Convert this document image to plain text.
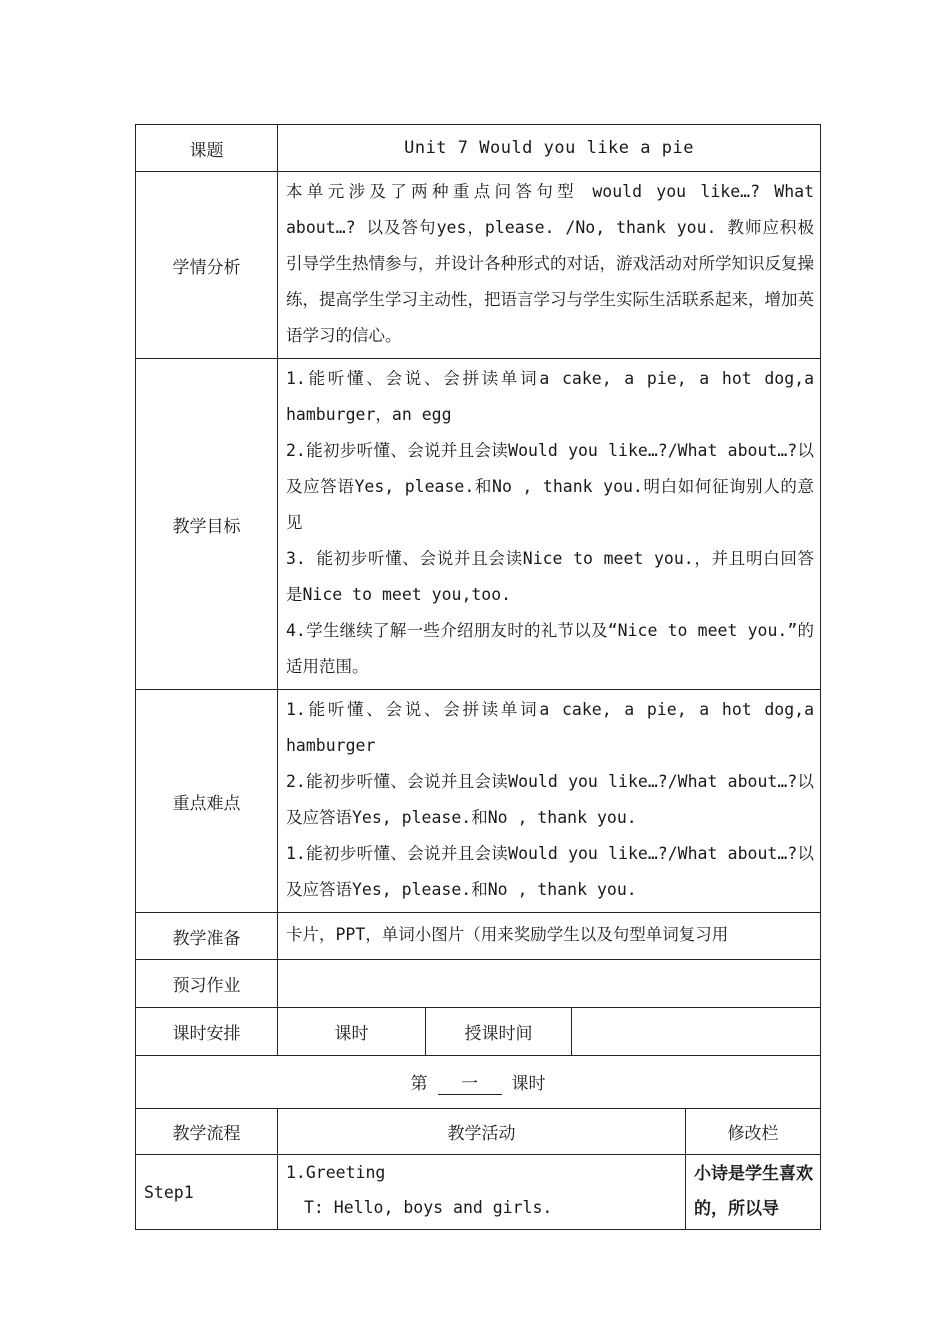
课题	Unit 7 Would you like a pie			
学情分析	本单元涉及了两种重点问答句型 would you like…? What about…? 以及答句yes，please. /No, thank you. 教师应积极引导学生热情参与，并设计各种形式的对话，游戏活动对所学知识反复操练，提高学生学习主动性，把语言学习与学生实际生活联系起来，增加英语学习的信心。			
教学目标	1.能听懂、会说、会拼读单词a cake, a pie, a hot dog,a hamburger，an egg

2.能初步听懂、会说并且会读Would you like…?/What about…?以及应答语Yes, please.和No , thank you.明白如何征询别人的意见

3. 能初步听懂、会说并且会读Nice to meet you.，并且明白回答是Nice to meet you,too.

4.学生继续了解一些介绍朋友时的礼节以及“Nice to meet you.”的适用范围。			

重点难点	1.能听懂、会说、会拼读单词a cake, a pie, a hot dog,a hamburger

2.能初步听懂、会说并且会读Would you like…?/What about…?以及应答语Yes, please.和No , thank you.

1.能初步听懂、会说并且会读Would you like…?/What about…?以及应答语Yes, please.和No , thank you.			

教学准备	卡片，PPT，单词小图片（用来奖励学生以及句型单词复习用			
预习作业				
课时安排	课时	授课时间		
第 一 课时				
教学流程	教学活动			修改栏
Step1	1.Greeting

T: Hello, boys and girls.			小诗是学生喜欢的，所以导
